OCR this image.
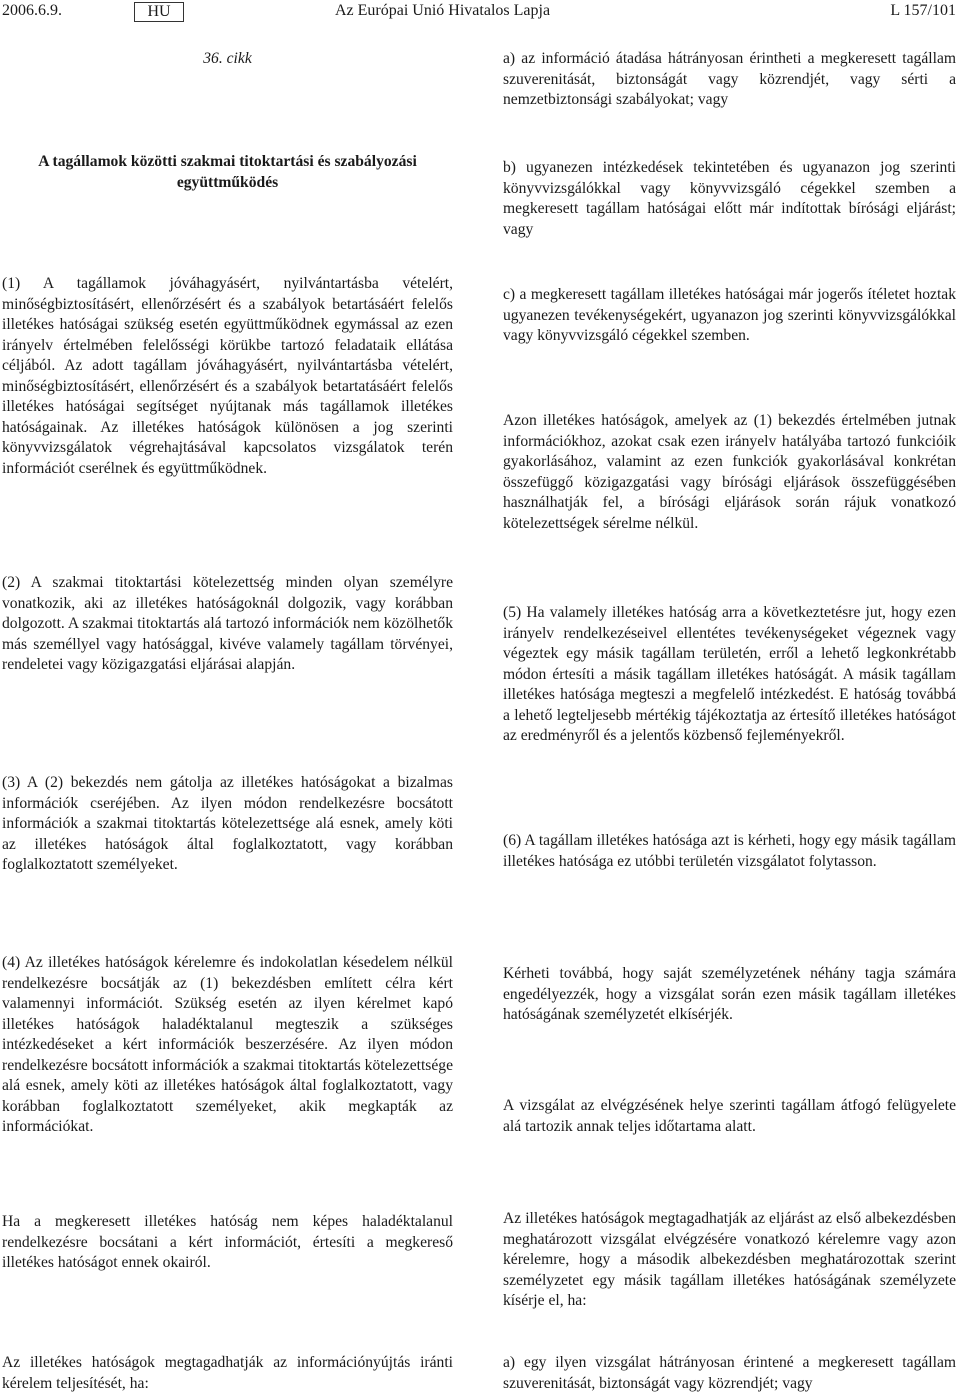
2006.6.9.	HU	Az Európai Unió Hivatalos Lapja	L 157/101

36. cikk

A tagállamok közötti szakmai titoktartási és szabályozási együttműködés

(1) A tagállamok jóváhagyásért, nyilvántartásba vételért, minőségbiztosításért, ellenőrzésért és a szabályok betartásáért felelős illetékes hatóságai szükség esetén együttműködnek egymással az ezen irányelv értelmében felelősségi körükbe tartozó feladataik ellátása céljából. Az adott tagállam jóváhagyásért, nyilvántartásba vételért, minőségbiztosításért, ellenőrzésért és a szabályok betartatásáért felelős illetékes hatóságai segítséget nyújtanak más tagállamok illetékes hatóságainak. Az illetékes hatóságok különösen a jog szerinti könyvvizsgálatok végrehajtásával kapcsolatos vizsgálatok terén információt cserélnek és együttműködnek.

(2) A szakmai titoktartási kötelezettség minden olyan személyre vonatkozik, aki az illetékes hatóságoknál dolgozik, vagy korábban dolgozott. A szakmai titoktartás alá tartozó információk nem közölhetők más személlyel vagy hatósággal, kivéve valamely tagállam törvényei, rendeletei vagy közigazgatási eljárásai alapján.

(3) A (2) bekezdés nem gátolja az illetékes hatóságokat a bizalmas információk cseréjében. Az ilyen módon rendelkezésre bocsátott információk a szakmai titoktartás kötelezettsége alá esnek, amely köti az illetékes hatóságok által foglalkoztatott, vagy korábban foglalkoztatott személyeket.

(4) Az illetékes hatóságok kérelemre és indokolatlan késedelem nélkül rendelkezésre bocsátják az (1) bekezdésben említett célra kért valamennyi információt. Szükség esetén az ilyen kérelmet kapó illetékes hatóságok haladéktalanul megteszik a szükséges intézkedéseket a kért információk beszerzésére. Az ilyen módon rendelkezésre bocsátott információk a szakmai titoktartás kötelezettsége alá esnek, amely köti az illetékes hatóságok által foglalkoztatott, vagy korábban foglalkoztatott személyeket, akik megkapták az információkat.

Ha a megkeresett illetékes hatóság nem képes haladéktalanul rendelkezésre bocsátani a kért információt, értesíti a megkereső illetékes hatóságot ennek okairól.

Az illetékes hatóságok megtagadhatják az információnyújtás iránti kérelem teljesítését, ha:

a) az információ átadása hátrányosan érintheti a megkeresett tagállam szuverenitását, biztonságát vagy közrendjét, vagy sérti a nemzetbiztonsági szabályokat; vagy

b) ugyanezen intézkedések tekintetében és ugyanazon jog szerinti könyvvizsgálókkal vagy könyvvizsgáló cégekkel szemben a megkeresett tagállam hatóságai előtt már indítottak bírósági eljárást; vagy

c) a megkeresett tagállam illetékes hatóságai már jogerős ítéletet hoztak ugyanezen tevékenységekért, ugyanazon jog szerinti könyvvizsgálókkal vagy könyvvizsgáló cégekkel szemben.

Azon illetékes hatóságok, amelyek az (1) bekezdés értelmében jutnak információkhoz, azokat csak ezen irányelv hatályába tartozó funkcióik gyakorlásához, valamint az ezen funkciók gyakorlásával konkrétan összefüggő közigazgatási vagy bírósági eljárások összefüggésében használhatják fel, a bírósági eljárások során rájuk vonatkozó kötelezettségek sérelme nélkül.

(5) Ha valamely illetékes hatóság arra a következtetésre jut, hogy ezen irányelv rendelkezéseivel ellentétes tevékenységeket végeznek vagy végeztek egy másik tagállam területén, erről a lehető legkonkrétabb módon értesíti a másik tagállam illetékes hatóságát. A másik tagállam illetékes hatósága megteszi a megfelelő intézkedést. E hatóság továbbá a lehető legteljesebb mértékig tájékoztatja az értesítő illetékes hatóságot az eredményről és a jelentős közbenső fejleményekről.

(6) A tagállam illetékes hatósága azt is kérheti, hogy egy másik tagállam illetékes hatósága ez utóbbi területén vizsgálatot folytasson.

Kérheti továbbá, hogy saját személyzetének néhány tagja számára engedélyezzék, hogy a vizsgálat során ezen másik tagállam illetékes hatóságának személyzetét elkísérjék.

A vizsgálat az elvégzésének helye szerinti tagállam átfogó felügyelete alá tartozik annak teljes időtartama alatt.

Az illetékes hatóságok megtagadhatják az eljárást az első albekezdésben meghatározott vizsgálat elvégzésére vonatkozó kérelemre vagy azon kérelemre, hogy a második albekezdésben meghatározottak szerint személyzetet egy másik tagállam illetékes hatóságának személyzete kísérje el, ha:

a) egy ilyen vizsgálat hátrányosan érintené a megkeresett tagállam szuverenitását, biztonságát vagy közrendjét; vagy
